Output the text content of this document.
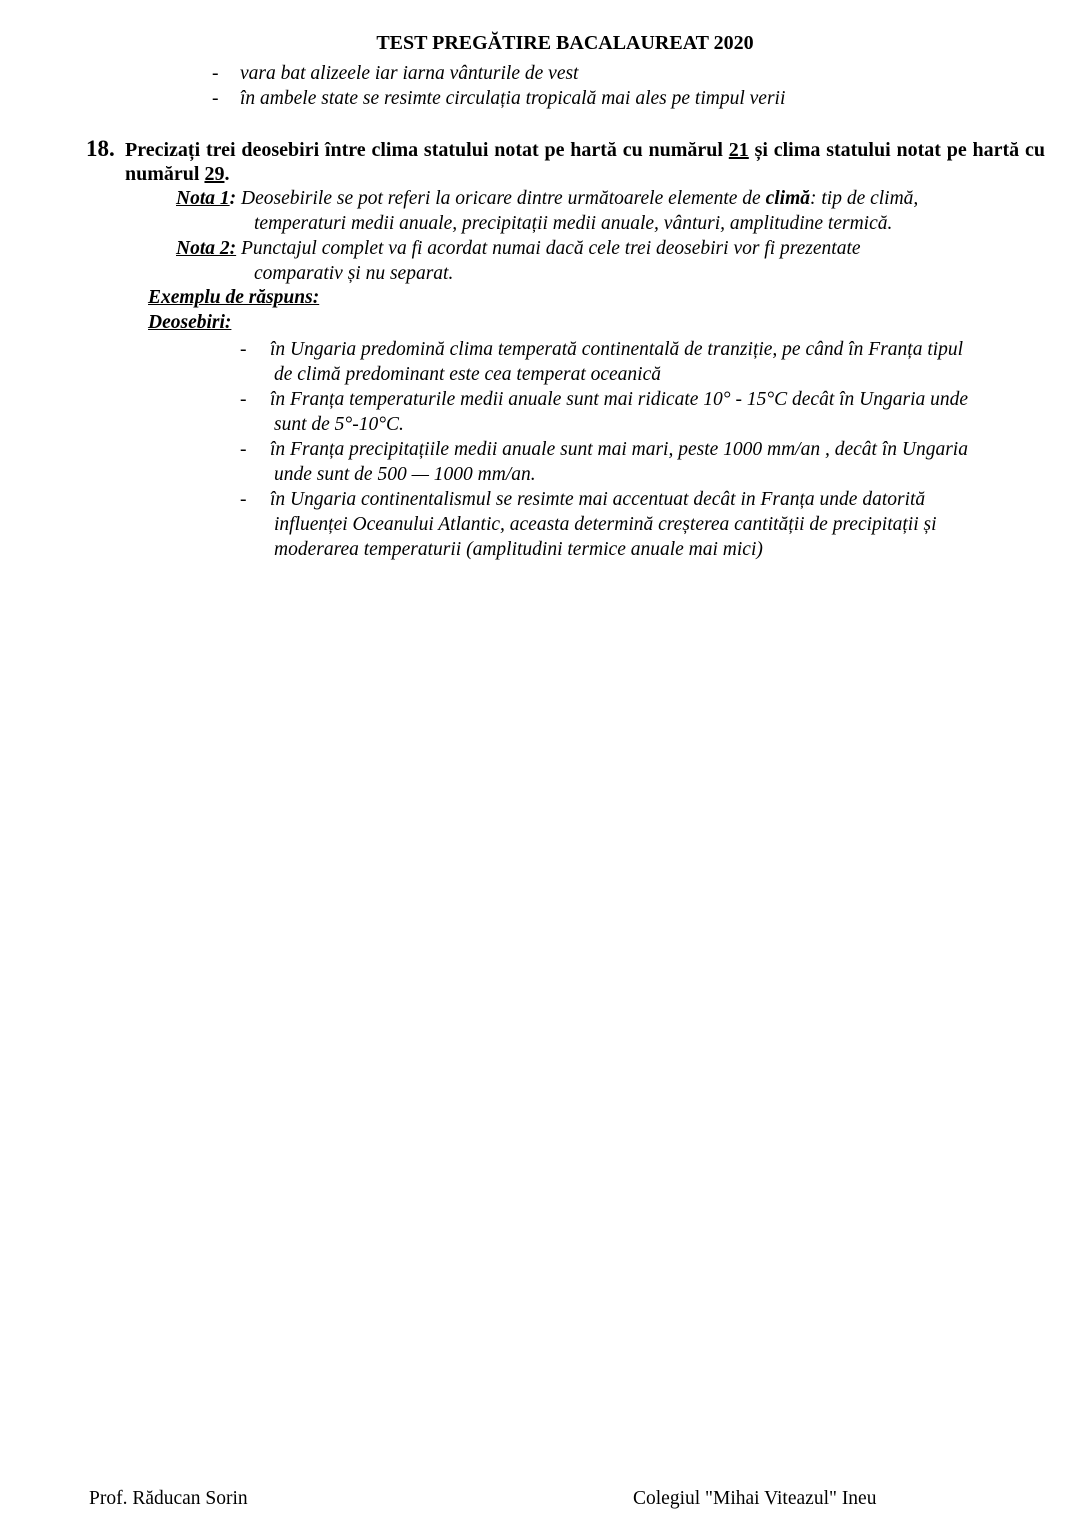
TEST PREGĂTIRE BACALAUREAT 2020
- vara bat alizeele iar iarna vânturile de vest
- în ambele state se resimte circulația tropicală mai ales pe timpul verii
18. Precizați trei deosebiri între clima statului notat pe hartă cu numărul 21 și clima statului notat pe hartă cu numărul 29.
Nota 1: Deosebirile se pot referi la oricare dintre următoarele elemente de climă: tip de climă,
temperaturi medii anuale, precipitații medii anuale, vânturi, amplitudine termică.
Nota 2: Punctajul complet va fi acordat numai dacă cele trei deosebiri vor fi prezentate
comparativ și nu separat.
Exemplu de răspuns:
Deosebiri:
- în Ungaria predomină clima temperată continentală de tranziție, pe când în Franța tipul
de climă predominant este cea temperat oceanică
- în Franța temperaturile medii anuale sunt mai ridicate 10° - 15°C decât în Ungaria unde
sunt de 5°-10°C.
- în Franța precipitațiile medii anuale sunt mai mari, peste 1000 mm/an , decât în Ungaria
unde sunt de 500 — 1000 mm/an.
- în Ungaria continentalismul se resimte mai accentuat decât in Franța unde datorită
influenței Oceanului Atlantic, aceasta determină creșterea cantității de precipitații și
moderarea temperaturii (amplitudini termice anuale mai mici)
Prof. Răducan Sorin	Colegiul "Mihai Viteazul" Ineu
